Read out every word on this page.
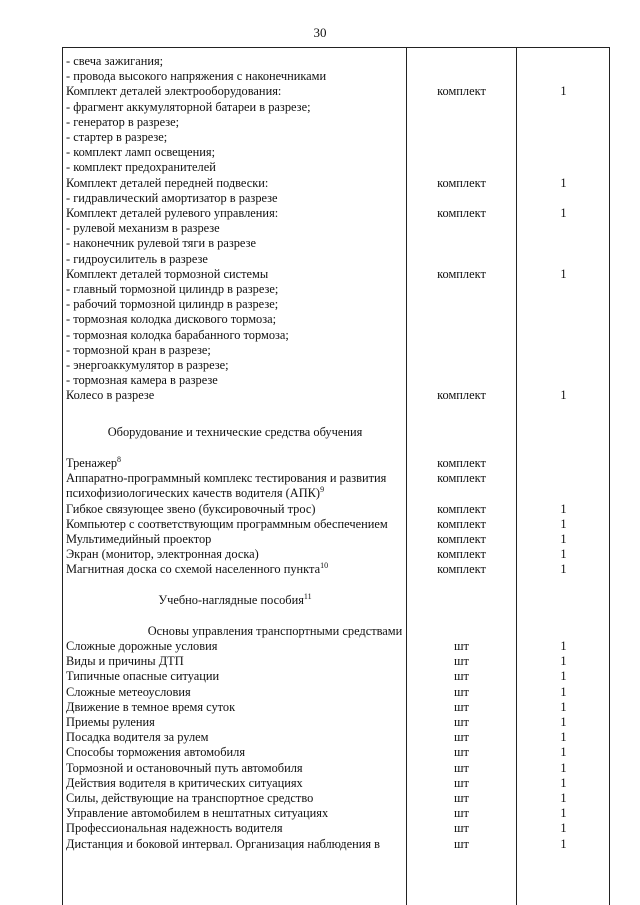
30
- свеча зажигания;
- провода высокого напряжения с наконечниками
Комплект деталей электрооборудования:	комплект	1
- фрагмент аккумуляторной батареи в разрезе;
- генератор в разрезе;
- стартер в разрезе;
- комплект ламп освещения;
- комплект предохранителей
Комплект деталей передней подвески:	комплект	1
- гидравлический амортизатор в разрезе
Комплект деталей рулевого управления:	комплект	1
- рулевой механизм в разрезе
- наконечник рулевой тяги в разрезе
- гидроусилитель в разрезе
Комплект деталей тормозной системы	комплект	1
- главный тормозной цилиндр в разрезе;
- рабочий тормозной цилиндр в разрезе;
- тормозная колодка дискового тормоза;
- тормозная колодка барабанного тормоза;
- тормозной кран в разрезе;
- энергоаккумулятор в разрезе;
- тормозная камера в разрезе
Колесо в разрезе	комплект	1
Оборудование и технические средства обучения
Тренажер$^8$	комплект
Аппаратно-программный комплекс тестирования и развития	комплект
психофизиологических качеств водителя (АПК)$^9$
Гибкое связующее звено (буксировочный трос)	комплект	1
Компьютер с соответствующим программным обеспечением	комплект	1
Мультимедийный проектор	комплект	1
Экран (монитор, электронная доска)	комплект	1
Магнитная доска со схемой населенного пункта$^{10}$	комплект	1
Учебно-наглядные пособия$^{11}$
Основы управления транспортными средствами
Сложные дорожные условия	шт	1
Виды и причины ДТП	шт	1
Типичные опасные ситуации	шт	1
Сложные метеоусловия	шт	1
Движение в темное время суток	шт	1
Приемы руления	шт	1
Посадка водителя за рулем	шт	1
Способы торможения автомобиля	шт	1
Тормозной и остановочный путь автомобиля	шт	1
Действия водителя в критических ситуациях	шт	1
Силы, действующие на транспортное средство	шт	1
Управление автомобилем в нештатных ситуациях	шт	1
Профессиональная надежность водителя	шт	1
Дистанция и боковой интервал. Организация наблюдения в	шт	1
